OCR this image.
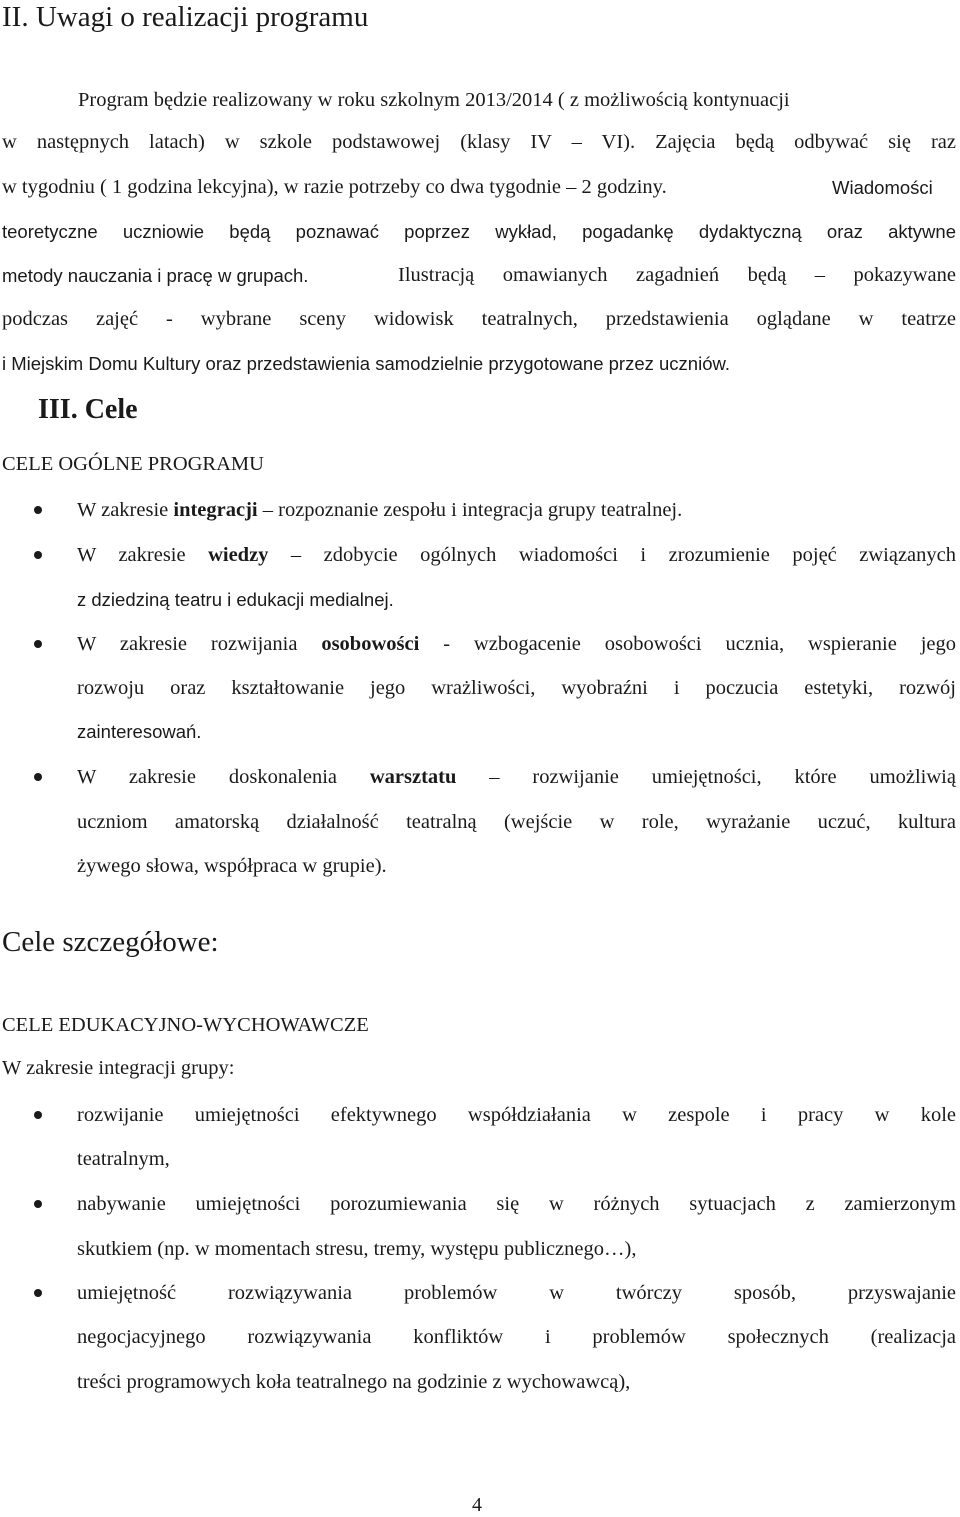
II. Uwagi o realizacji programu
Program będzie realizowany w roku szkolnym 2013/2014 ( z możliwością kontynuacji
w następnych latach) w szkole podstawowej (klasy IV – VI). Zajęcia będą odbywać się raz
w tygodniu ( 1 godzina lekcyjna), w razie potrzeby co dwa tygodnie – 2 godziny.	Wiadomości
teoretyczne uczniowie będą poznawać poprzez wykład, pogadankę dydaktyczną oraz aktywne
metody nauczania i pracę w grupach.	Ilustracją omawianych zagadnień będą – pokazywane
podczas zajęć - wybrane sceny widowisk teatralnych, przedstawienia oglądane w teatrze
i Miejskim Domu Kultury oraz przedstawienia samodzielnie przygotowane przez uczniów.
III. Cele
CELE OGÓLNE PROGRAMU
W zakresie integracji – rozpoznanie zespołu i integracja grupy teatralnej.
W zakresie wiedzy – zdobycie ogólnych wiadomości i zrozumienie pojęć związanych
z dziedziną teatru i edukacji medialnej.
W zakresie rozwijania osobowości - wzbogacenie osobowości ucznia, wspieranie jego
rozwoju oraz kształtowanie jego wrażliwości, wyobraźni i poczucia estetyki, rozwój
zainteresowań.
W zakresie doskonalenia warsztatu – rozwijanie umiejętności, które umożliwią
uczniom amatorską działalność teatralną (wejście w role, wyrażanie uczuć, kultura
żywego słowa, współpraca w grupie).
Cele szczegółowe:
CELE EDUKACYJNO-WYCHOWAWCZE
W zakresie integracji grupy:
rozwijanie umiejętności efektywnego współdziałania w zespole i pracy w kole
teatralnym,
nabywanie umiejętności porozumiewania się w różnych sytuacjach z zamierzonym
skutkiem (np. w momentach stresu, tremy, występu publicznego…),
umiejętność rozwiązywania problemów w twórczy sposób, przyswajanie
negocjacyjnego rozwiązywania konfliktów i problemów społecznych (realizacja
treści programowych koła teatralnego na godzinie z wychowawcą),
4
